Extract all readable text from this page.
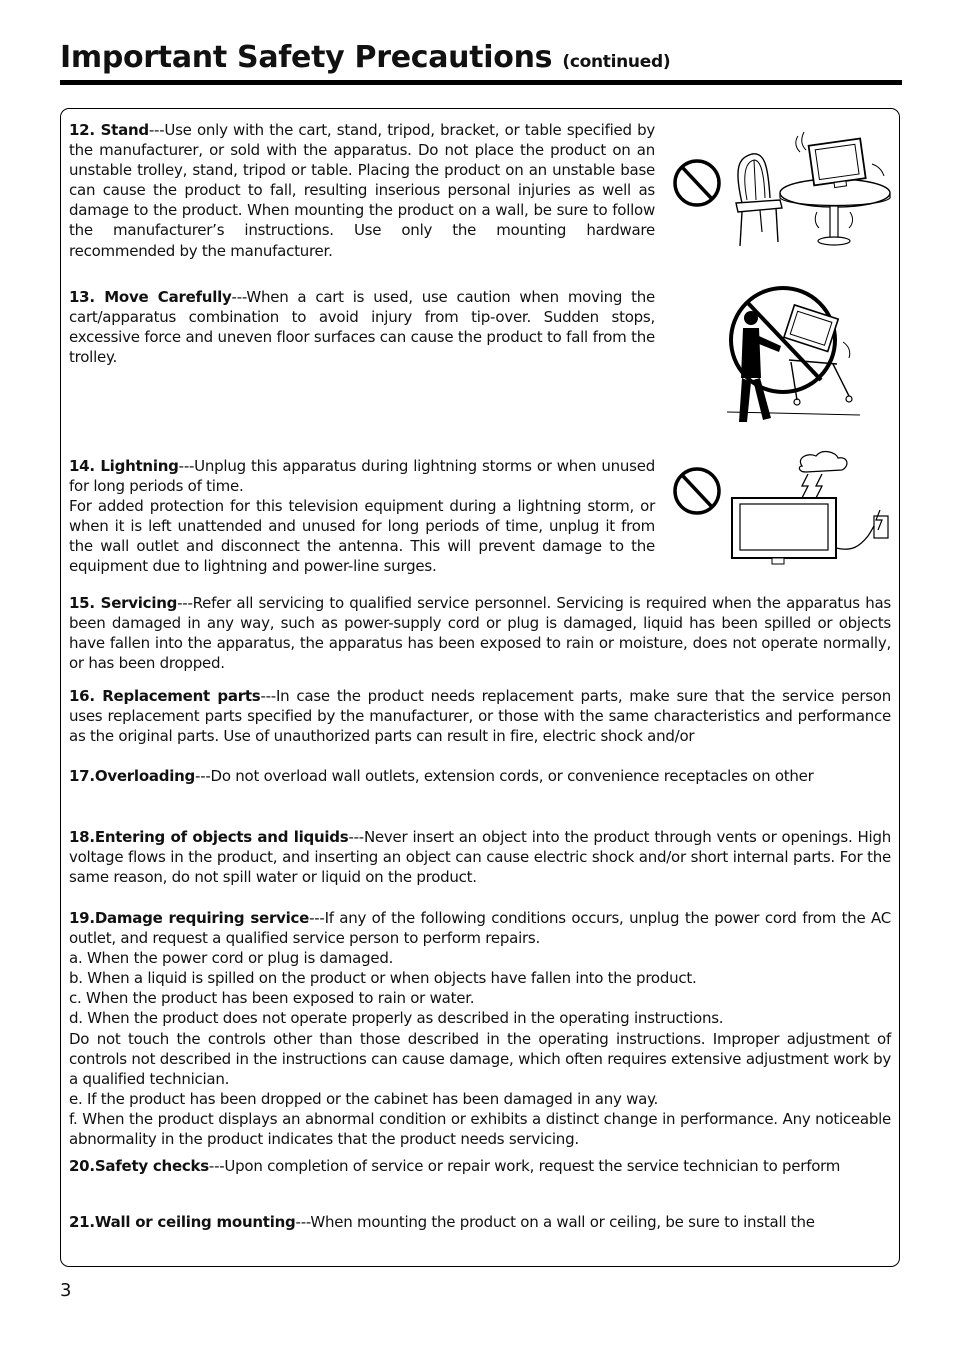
Important Safety Precautions (continued)

12. Stand---Use only with the cart, stand, tripod, bracket, or table specified by the manufacturer, or sold with the apparatus. Do not place the product on an unstable trolley, stand, tripod or table. Placing the product on an unstable base can cause the product to fall, resulting inserious personal injuries as well as damage to the product. When mounting the product on a wall, be sure to follow the manufacturer’s instructions. Use only the mounting hardware recommended by the manufacturer.

13. Move Carefully---When a cart is used, use caution when moving the cart/apparatus combination to avoid injury from tip-over. Sudden stops, excessive force and uneven floor surfaces can cause the product to fall from the trolley.

14. Lightning---Unplug this apparatus during lightning storms or when unused for long periods of time.
For added protection for this television equipment during a lightning storm, or when it is left unattended and unused for long periods of time, unplug it from the wall outlet and disconnect the antenna. This will prevent damage to the equipment due to lightning and power-line surges.

15. Servicing---Refer all servicing to qualified service personnel. Servicing is required when the apparatus has been damaged in any way, such as power-supply cord or plug is damaged, liquid has been spilled or objects have fallen into the apparatus, the apparatus has been exposed to rain or moisture, does not operate normally, or has been dropped.

16. Replacement parts---In case the product needs replacement parts, make sure that the service person uses replacement parts specified by the manufacturer, or those with the same characteristics and performance as the original parts. Use of unauthorized parts can result in fire, electric shock and/or

17.Overloading---Do not overload wall outlets, extension cords, or convenience receptacles on other

18.Entering of objects and liquids---Never insert an object into the product through vents or openings. High voltage flows in the product, and inserting an object can cause electric shock and/or short internal parts. For the same reason, do not spill water or liquid on the product.

19.Damage requiring service---If any of the following conditions occurs, unplug the power cord from the AC outlet, and request a qualified service person to perform repairs.
a. When the power cord or plug is damaged.
b. When a liquid is spilled on the product or when objects have fallen into the product.
c. When the product has been exposed to rain or water.
d. When the product does not operate properly as described in the operating instructions.
Do not touch the controls other than those described in the operating instructions. Improper adjustment of controls not described in the instructions can cause damage, which often requires extensive adjustment work by a qualified technician.
e. If the product has been dropped or the cabinet has been damaged in any way.
f. When the product displays an abnormal condition or exhibits a distinct change in performance. Any noticeable abnormality in the product indicates that the product needs servicing.

20.Safety checks---Upon completion of service or repair work, request the service technician to perform

21.Wall or ceiling mounting---When mounting the product on a wall or ceiling, be sure to install the

3
